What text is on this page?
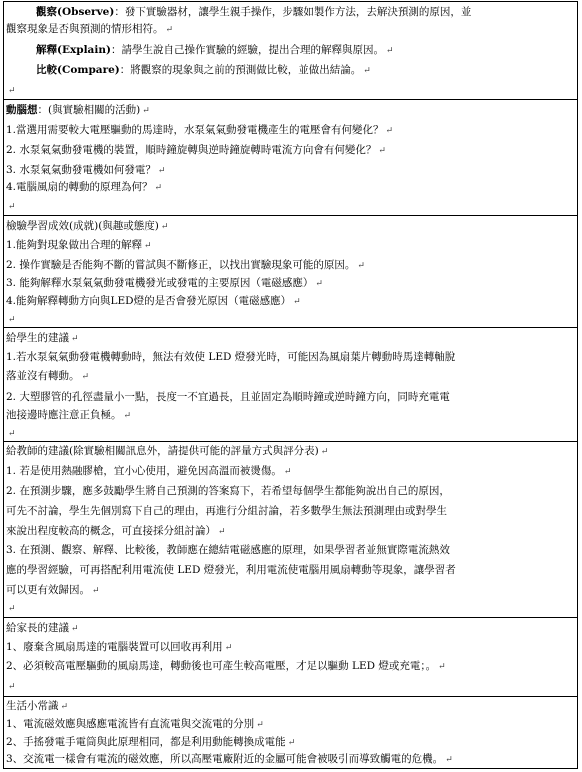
觀察(Observe)：發下實驗器材，讓學生親手操作，步驟如製作方法，去解決預測的原因，並
觀察現象是否與預測的情形相符。 ↵
解釋(Explain)：請學生說自己操作實驗的經驗，提出合理的解釋與原因。 ↵
比較(Compare)：將觀察的現象與之前的預測做比較，並做出結論。 ↵
↵
動腦想：(與實驗相關的活動) ↵
1.當選用需要較大電壓驅動的馬達時，水泵氣氣動發電機產生的電壓會有何變化？ ↵
2. 水泵氣氣動發電機的裝置，順時鐘旋轉與逆時鐘旋轉時電流方向會有何變化？ ↵
3. 水泵氣氣動發電機如何發電？ ↵
4.電腦風扇的轉動的原理為何？ ↵
↵
檢驗學習成效(成就)(與趣或態度) ↵
1.能夠對現象做出合理的解釋 ↵
2. 操作實驗是否能夠不斷的嘗試與不斷修正，以找出實驗現象可能的原因。 ↵
3. 能夠解釋水泵氣氣動發電機發光或發電的主要原因（電磁感應） ↵
4.能夠解釋轉動方向與LED燈的是否會發光原因（電磁感應） ↵
↵
給學生的建議 ↵
1.若水泵氣氣動發電機轉動時，無法有效使 LED 燈發光時，可能因為風扇葉片轉動時馬達轉軸脫
落並沒有轉動。 ↵
2. 大塑膠管的孔徑盡量小一點，長度一不宜過長，且並固定為順時鐘或逆時鐘方向，同時充電電
池接邊時應注意正負極。 ↵
↵
給教師的建議(除實驗相關訊息外，請提供可能的評量方式與評分表) ↵
1. 若是使用熱融膠槍，宜小心使用，避免因高溫而被燙傷。 ↵
2. 在預測步驟，應多鼓勵學生將自己預測的答案寫下，若希望每個學生都能夠說出自己的原因，
可先不討論，學生先個別寫下自己的理由，再進行分組討論，若多數學生無法預測理由或對學生
來說出程度較高的概念，可直接採分組討論） ↵
3. 在預測、觀察、解釋、比較後，教師應在總結電磁感應的原理，如果學習者並無實際電流熱效
應的學習經驗，可再搭配利用電流使 LED 燈發光，利用電流使電腦用風扇轉動等現象，讓學習者
可以更有效歸因。 ↵
↵
給家長的建議 ↵
1、廢棄含風扇馬達的電腦裝置可以回收再利用 ↵
2、必須較高電壓驅動的風扇馬達，轉動後也可產生較高電壓，才足以驅動 LED 燈或充電；。 ↵
↵
生活小常識 ↵
1、電流磁效應與感應電流皆有直流電與交流電的分別 ↵
2、手搖發電手電筒與此原理相同，都是利用動能轉換成電能 ↵
3、交流電一樣會有電流的磁效應，所以高壓電廠附近的金屬可能會被吸引而導致觸電的危機。 ↵
